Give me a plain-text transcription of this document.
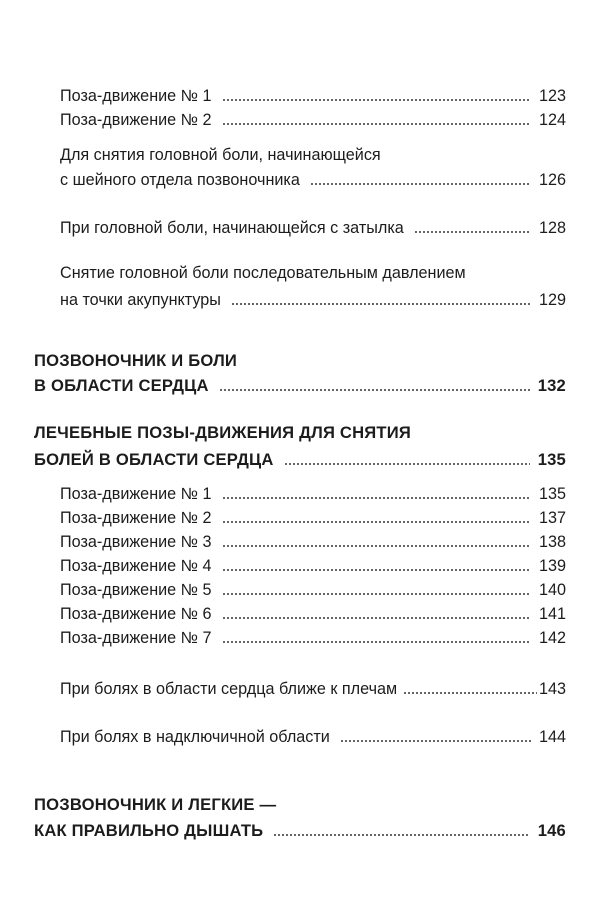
Поза-движение № 1	123
Поза-движение № 2	124
Для снятия головной боли, начинающейся
с шейного отдела позвоночника	126
При головной боли, начинающейся с затылка	128
Снятие головной боли последовательным давлением
на точки акупунктуры	129
ПОЗВОНОЧНИК И БОЛИ
В ОБЛАСТИ СЕРДЦА	132
ЛЕЧЕБНЫЕ ПОЗЫ-ДВИЖЕНИЯ ДЛЯ СНЯТИЯ
БОЛЕЙ В ОБЛАСТИ СЕРДЦА	135
Поза-движение № 1	135
Поза-движение № 2	137
Поза-движение № 3	138
Поза-движение № 4	139
Поза-движение № 5	140
Поза-движение № 6	141
Поза-движение № 7	142
При болях в области сердца ближе к плечам	143
При болях в надключичной области	144
ПОЗВОНОЧНИК И ЛЕГКИЕ —
КАК ПРАВИЛЬНО ДЫШАТЬ	146
